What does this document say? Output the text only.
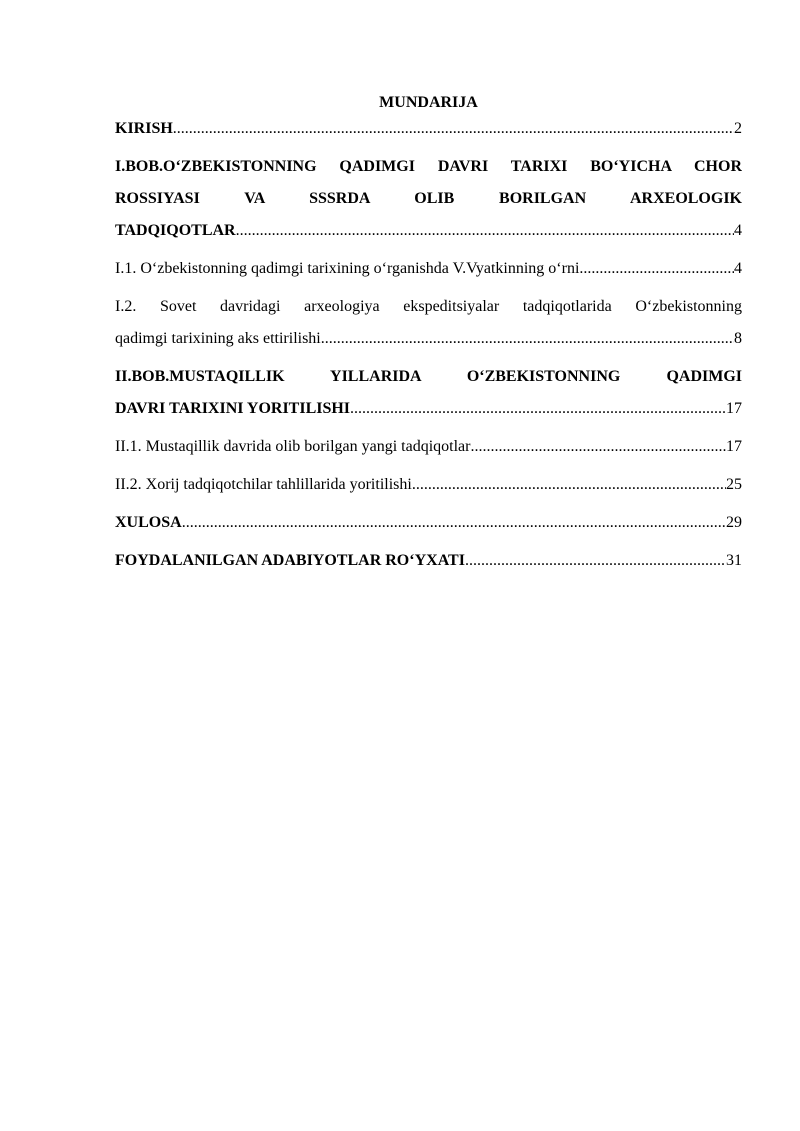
MUNDARIJA
KIRISH .....	2
I.BOB.O‘ZBEKISTONNING QADIMGI DAVRI TARIXI BO‘YICHA CHOR
ROSSIYASI VA SSSRDA OLIB BORILGAN ARXEOLOGIK
TADQIQOTLAR .....	4
I.1. O‘zbekistonning qadimgi tarixining o‘rganishda V.Vyatkinning o‘rni .....	4
I.2. Sovet davridagi arxeologiya ekspeditsiyalar tadqiqotlarida O‘zbekistonning
qadimgi tarixining aks ettirilishi .....	8
II.BOB.MUSTAQILLIK YILLARIDA O‘ZBEKISTONNING QADIMGI
DAVRI TARIXINI YORITILISHI .....	17
II.1. Mustaqillik davrida olib borilgan yangi tadqiqotlar .....	17
II.2. Xorij tadqiqotchilar tahlillarida yoritilishi .....	25
XULOSA .....	29
FOYDALANILGAN ADABIYOTLAR RO‘YXATI .....	31
